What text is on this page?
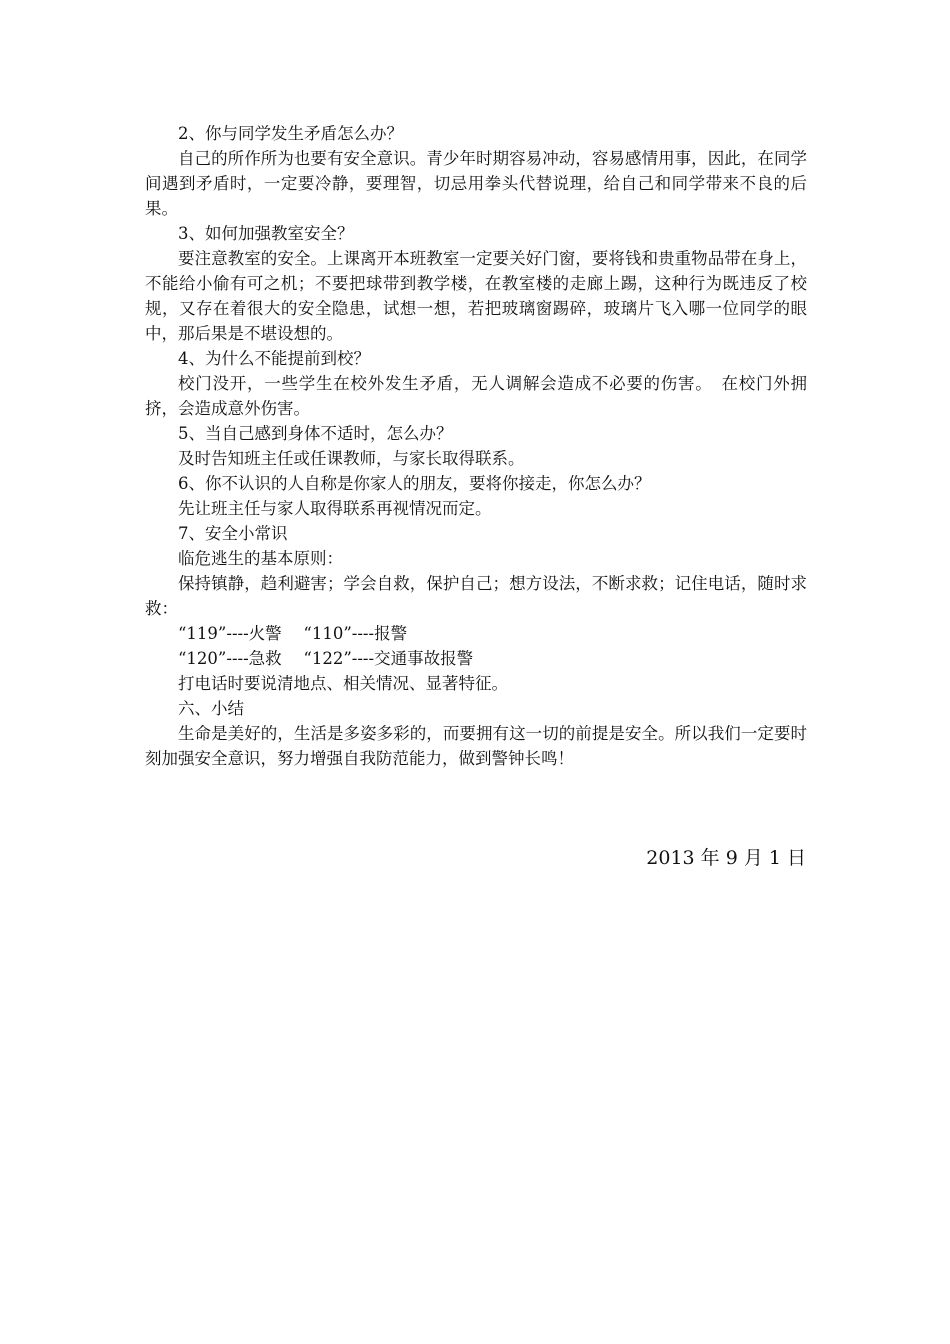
2、你与同学发生矛盾怎么办？

自己的所作所为也要有安全意识。青少年时期容易冲动，容易感情用事，因此，在同学间遇到矛盾时，一定要冷静，要理智，切忌用拳头代替说理，给自己和同学带来不良的后果。

3、如何加强教室安全？

要注意教室的安全。上课离开本班教室一定要关好门窗，要将钱和贵重物品带在身上，不能给小偷有可之机；不要把球带到教学楼，在教室楼的走廊上踢，这种行为既违反了校规，又存在着很大的安全隐患，试想一想，若把玻璃窗踢碎，玻璃片飞入哪一位同学的眼中，那后果是不堪设想的。

4、为什么不能提前到校？

校门没开，一些学生在校外发生矛盾，无人调解会造成不必要的伤害。　在校门外拥挤，会造成意外伤害。

5、当自己感到身体不适时，怎么办？

及时告知班主任或任课教师，与家长取得联系。

6、你不认识的人自称是你家人的朋友，要将你接走，你怎么办？

先让班主任与家人取得联系再视情况而定。

7、安全小常识

临危逃生的基本原则：

保持镇静，趋利避害；学会自救，保护自己；想方设法，不断求救；记住电话，随时求救：

“119”----火警　 “110”----报警

“120”----急救　 “122”----交通事故报警

打电话时要说清地点、相关情况、显著特征。

六、小结

生命是美好的，生活是多姿多彩的，而要拥有这一切的前提是安全。所以我们一定要时刻加强安全意识，努力增强自我防范能力，做到警钟长鸣！

2013 年 9 月 1 日
